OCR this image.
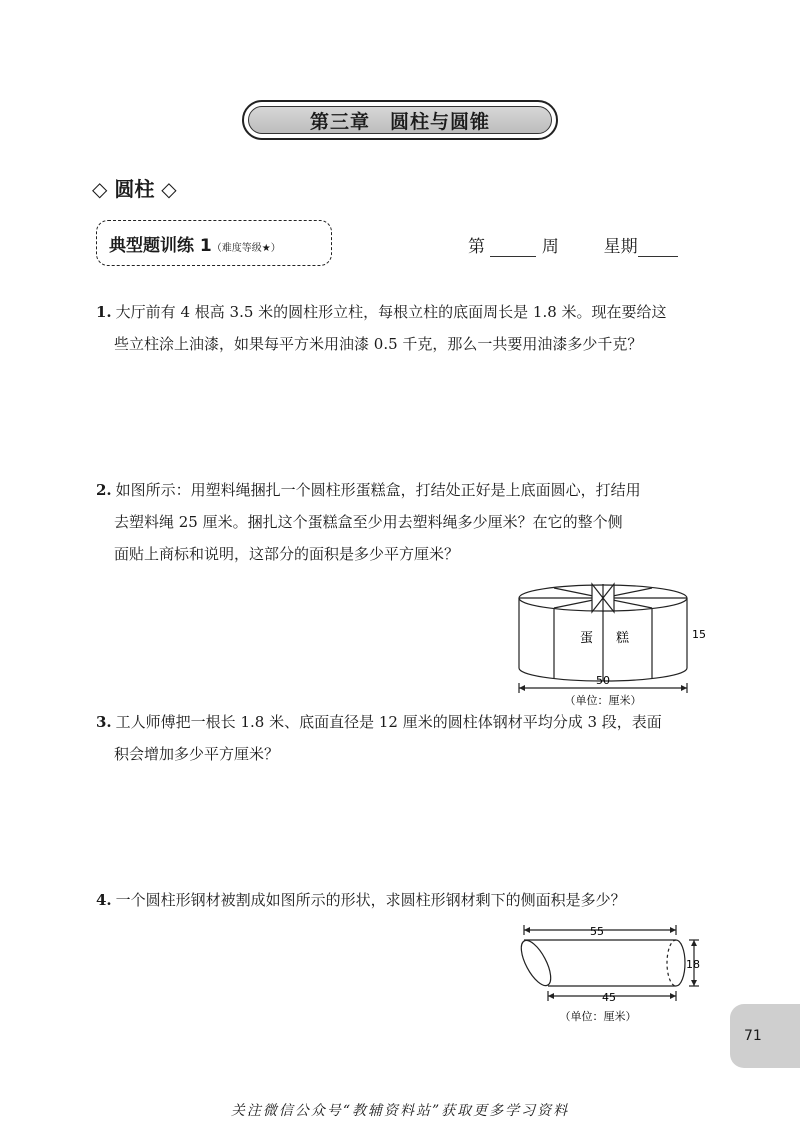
第三章　圆柱与圆锥
◇ 圆柱 ◇
典型题训练 1（难度等级★）	第	周	星期
1. 大厅前有 4 根高 3.5 米的圆柱形立柱，每根立柱的底面周长是 1.8 米。现在要给这
些立柱涂上油漆，如果每平方米用油漆 0.5 千克，那么一共要用油漆多少千克？
2. 如图所示：用塑料绳捆扎一个圆柱形蛋糕盒，打结处正好是上底面圆心，打结用
去塑料绳 25 厘米。捆扎这个蛋糕盒至少用去塑料绳多少厘米？在它的整个侧
面贴上商标和说明，这部分的面积是多少平方厘米？
蛋 糕	15
50
（单位：厘米）
3. 工人师傅把一根长 1.8 米、底面直径是 12 厘米的圆柱体钢材平均分成 3 段，表面
积会增加多少平方厘米？
4. 一个圆柱形钢材被割成如图所示的形状，求圆柱形钢材剩下的侧面积是多少？
55
45
18
（单位：厘米）
71
关注微信公众号“教辅资料站”获取更多学习资料
